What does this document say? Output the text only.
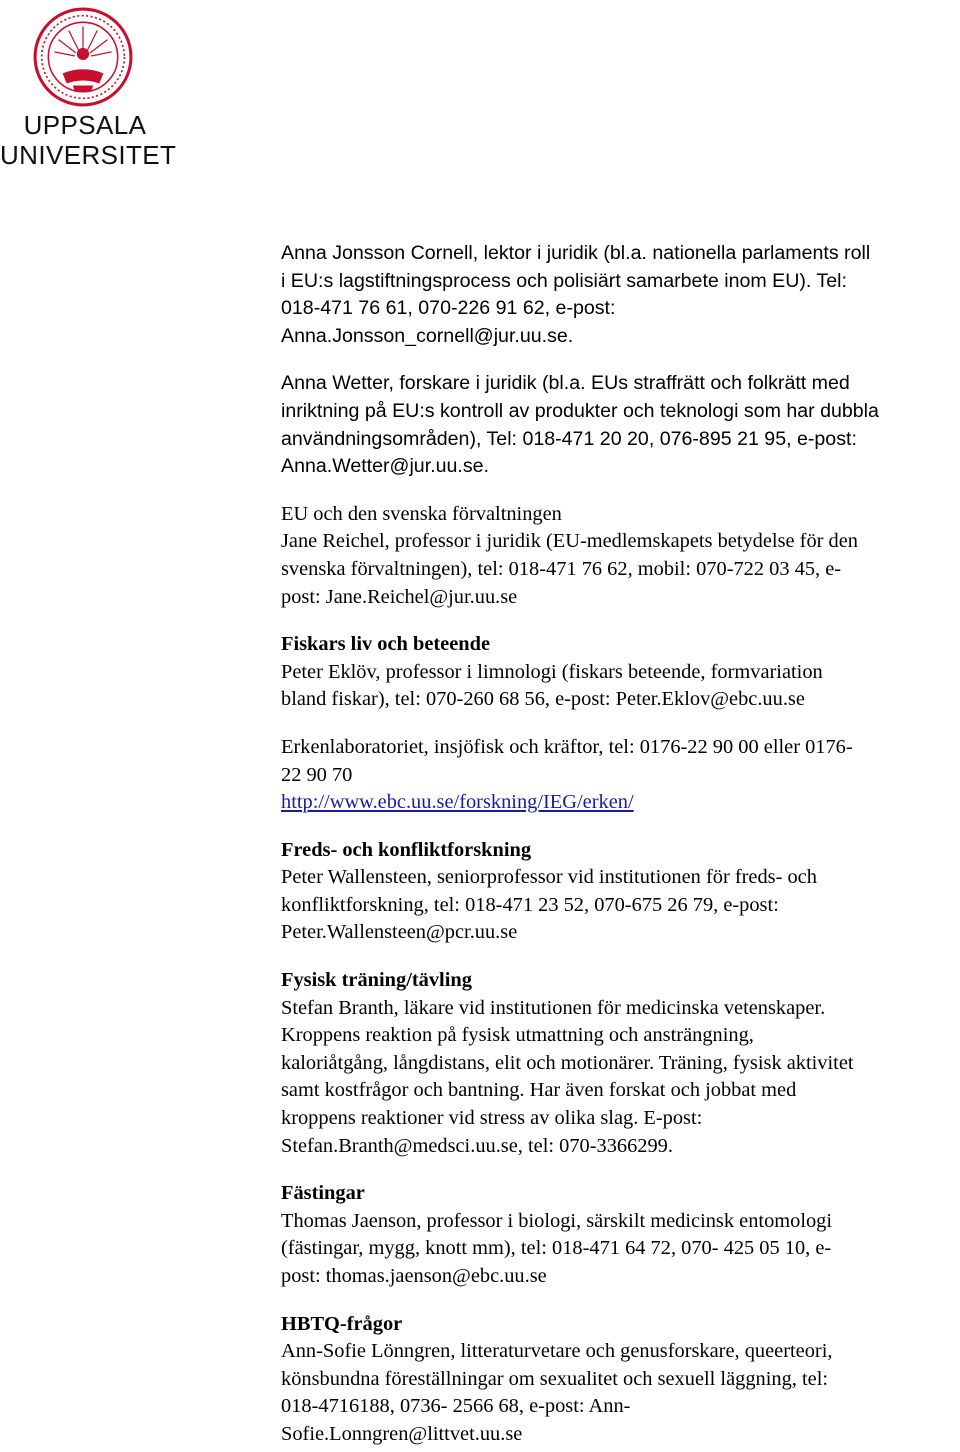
UPPSALA
UNIVERSITET
Anna Jonsson Cornell, lektor i juridik (bl.a. nationella parlaments roll
i EU:s lagstiftningsprocess och polisiärt samarbete inom EU). Tel:
018-471 76 61, 070-226 91 62, e-post:
Anna.Jonsson_cornell@jur.uu.se.
Anna Wetter, forskare i juridik (bl.a. EUs straffrätt och folkrätt med
inriktning på EU:s kontroll av produkter och teknologi som har dubbla
användningsområden), Tel: 018-471 20 20, 076-895 21 95, e-post:
Anna.Wetter@jur.uu.se.
EU och den svenska förvaltningen
Jane Reichel, professor i juridik (EU-medlemskapets betydelse för den
svenska förvaltningen), tel: 018-471 76 62, mobil: 070-722 03 45, e-
post: Jane.Reichel@jur.uu.se
Fiskars liv och beteende
Peter Eklöv, professor i limnologi (fiskars beteende, formvariation
bland fiskar), tel: 070-260 68 56, e-post: Peter.Eklov@ebc.uu.se
Erkenlaboratoriet, insjöfisk och kräftor, tel: 0176-22 90 00 eller 0176-
22 90 70
http://www.ebc.uu.se/forskning/IEG/erken/
Freds- och konfliktforskning
Peter Wallensteen, seniorprofessor vid institutionen för freds- och
konfliktforskning, tel: 018-471 23 52, 070-675 26 79, e-post:
Peter.Wallensteen@pcr.uu.se
Fysisk träning/tävling
Stefan Branth, läkare vid institutionen för medicinska vetenskaper.
Kroppens reaktion på fysisk utmattning och ansträngning,
kaloriåtgång, långdistans, elit och motionärer. Träning, fysisk aktivitet
samt kostfrågor och bantning. Har även forskat och jobbat med
kroppens reaktioner vid stress av olika slag. E-post:
Stefan.Branth@medsci.uu.se, tel: 070-3366299.
Fästingar
Thomas Jaenson, professor i biologi, särskilt medicinsk entomologi
(fästingar, mygg, knott mm), tel: 018-471 64 72, 070- 425 05 10, e-
post: thomas.jaenson@ebc.uu.se
HBTQ-frågor
Ann-Sofie Lönngren, litteraturvetare och genusforskare, queerteori,
könsbundna föreställningar om sexualitet och sexuell läggning, tel:
018-4716188, 0736- 2566 68, e-post: Ann-
Sofie.Lonngren@littvet.uu.se
